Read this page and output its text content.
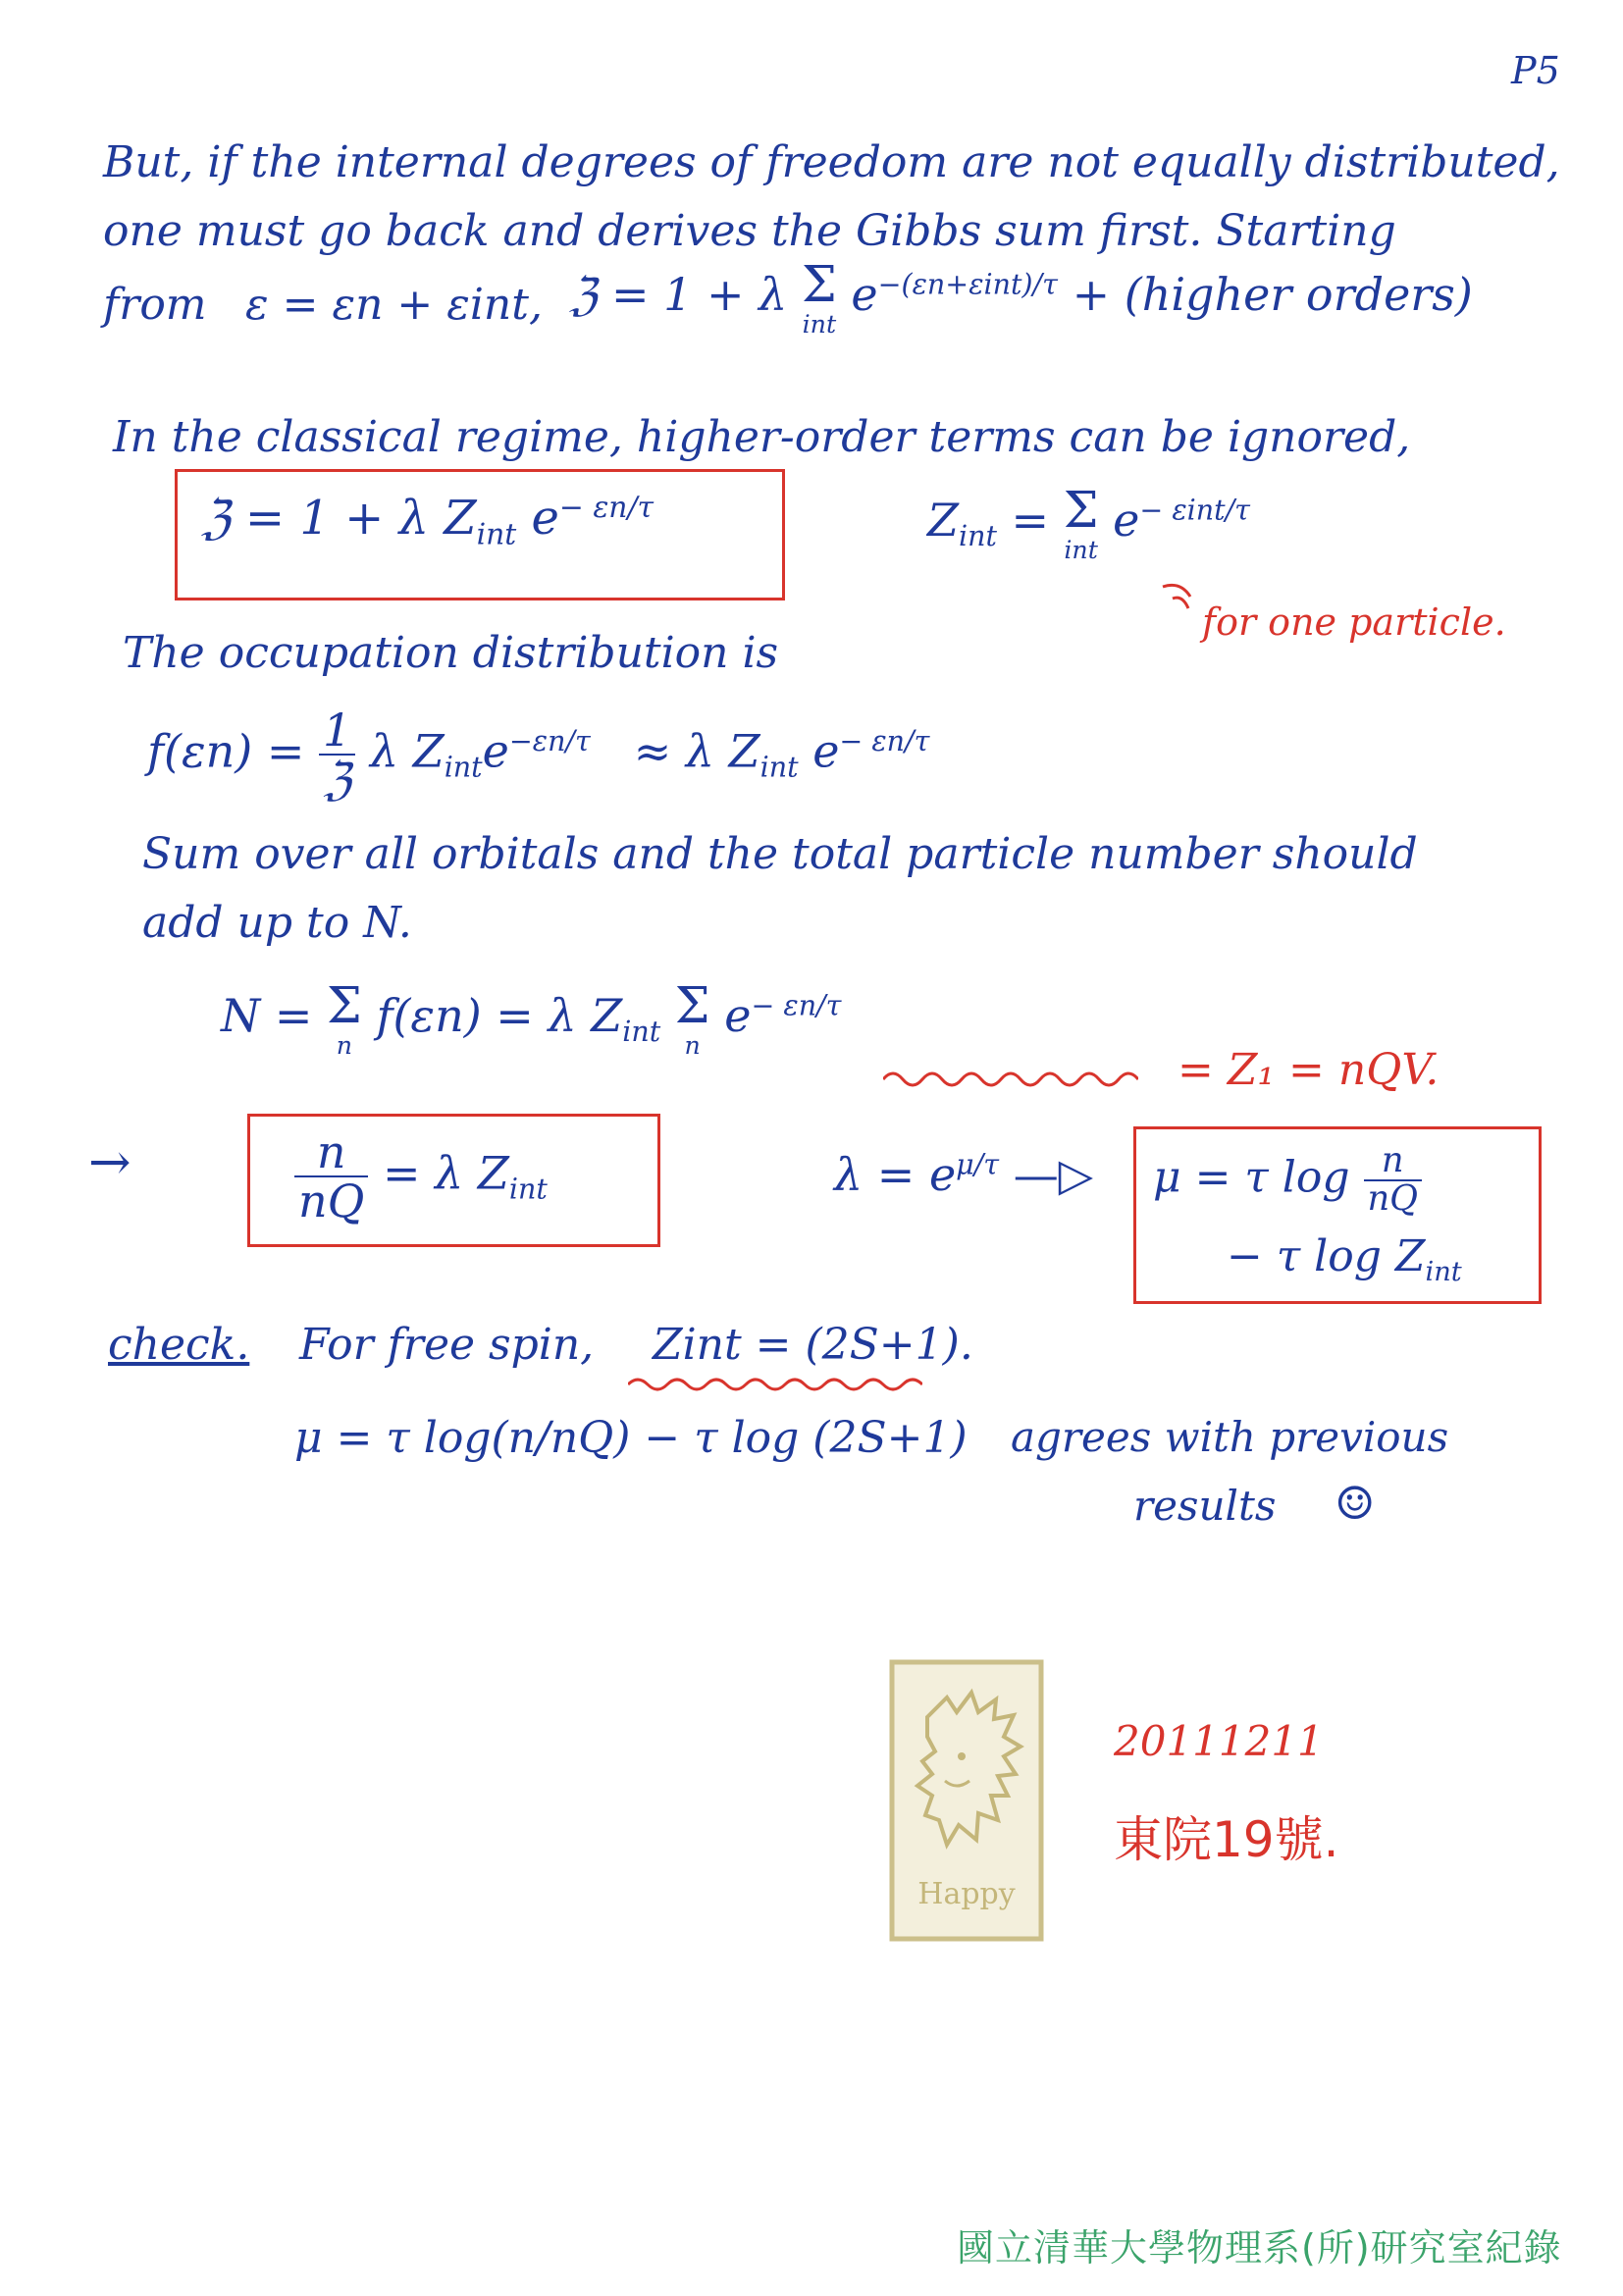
P5
But, if the internal degrees of freedom are not equally distributed,
one must go back and derives the Gibbs sum first. Starting
from ε = εn + εint, ℨ = 1 + λ Σ
int
$e^{-(\varepsilon n+\varepsilon int)/\tau}$ + (higher orders)
In the classical regime, higher-order terms can be ignored,
ℨ = 1 + λ $Z_{int}$ $e^{- \varepsilon n/\tau}$	$Z_{int} = \Sigma$
int
$e^{- \varepsilon int/\tau}$
for one particle.
The occupation distribution is
$f(\varepsilon n) = \frac{1}{\text{ℨ}}$ λ $Z_{int}e^{-\varepsilon n/\tau} \approx \lambda$ $Z_{int}$ $e^{- \varepsilon n/\tau}$
Sum over all orbitals and the total particle number should
add up to N.
N = Σ
n
f(εn) = λ $Z_{int}$ Σ
n
$e^{- \varepsilon n/\tau}$
= Z₁ = nQV.
→	$\frac{n}{nQ} = \lambda$ $Z_{int}$	$\lambda = e^{\mu/\tau}$ —▷ μ = τ $\log \frac{n}{nQ}$
− τ $\log Z_{int}$
check. For free spin, Zint = (2S+1).
μ = τ log(n/nQ) − τ log (2S+1) agrees with previous
results ☺
Happy
20111211
東院19號.
國立清華大學物理系(所)研究室紀錄
